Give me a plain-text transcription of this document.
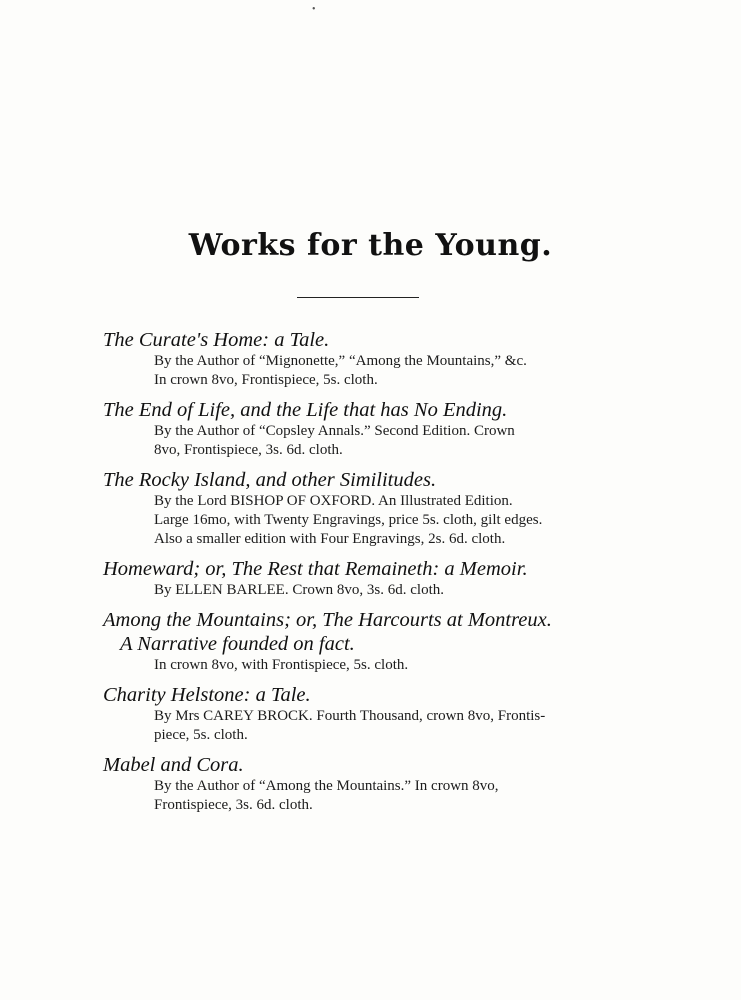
•
Works for the Young.
The Curate's Home: a Tale.
By the Author of “Mignonette,” “Among the Mountains,” &c.
In crown 8vo, Frontispiece, 5s. cloth.
The End of Life, and the Life that has No Ending.
By the Author of “Copsley Annals.” Second Edition. Crown
8vo, Frontispiece, 3s. 6d. cloth.
The Rocky Island, and other Similitudes.
By the Lord BISHOP OF OXFORD. An Illustrated Edition.
Large 16mo, with Twenty Engravings, price 5s. cloth, gilt edges.
Also a smaller edition with Four Engravings, 2s. 6d. cloth.
Homeward; or, The Rest that Remaineth: a Memoir.
By ELLEN BARLEE. Crown 8vo, 3s. 6d. cloth.
Among the Mountains; or, The Harcourts at Montreux.
A Narrative founded on fact.
In crown 8vo, with Frontispiece, 5s. cloth.
Charity Helstone: a Tale.
By Mrs CAREY BROCK. Fourth Thousand, crown 8vo, Frontis-
piece, 5s. cloth.
Mabel and Cora.
By the Author of “Among the Mountains.” In crown 8vo,
Frontispiece, 3s. 6d. cloth.
